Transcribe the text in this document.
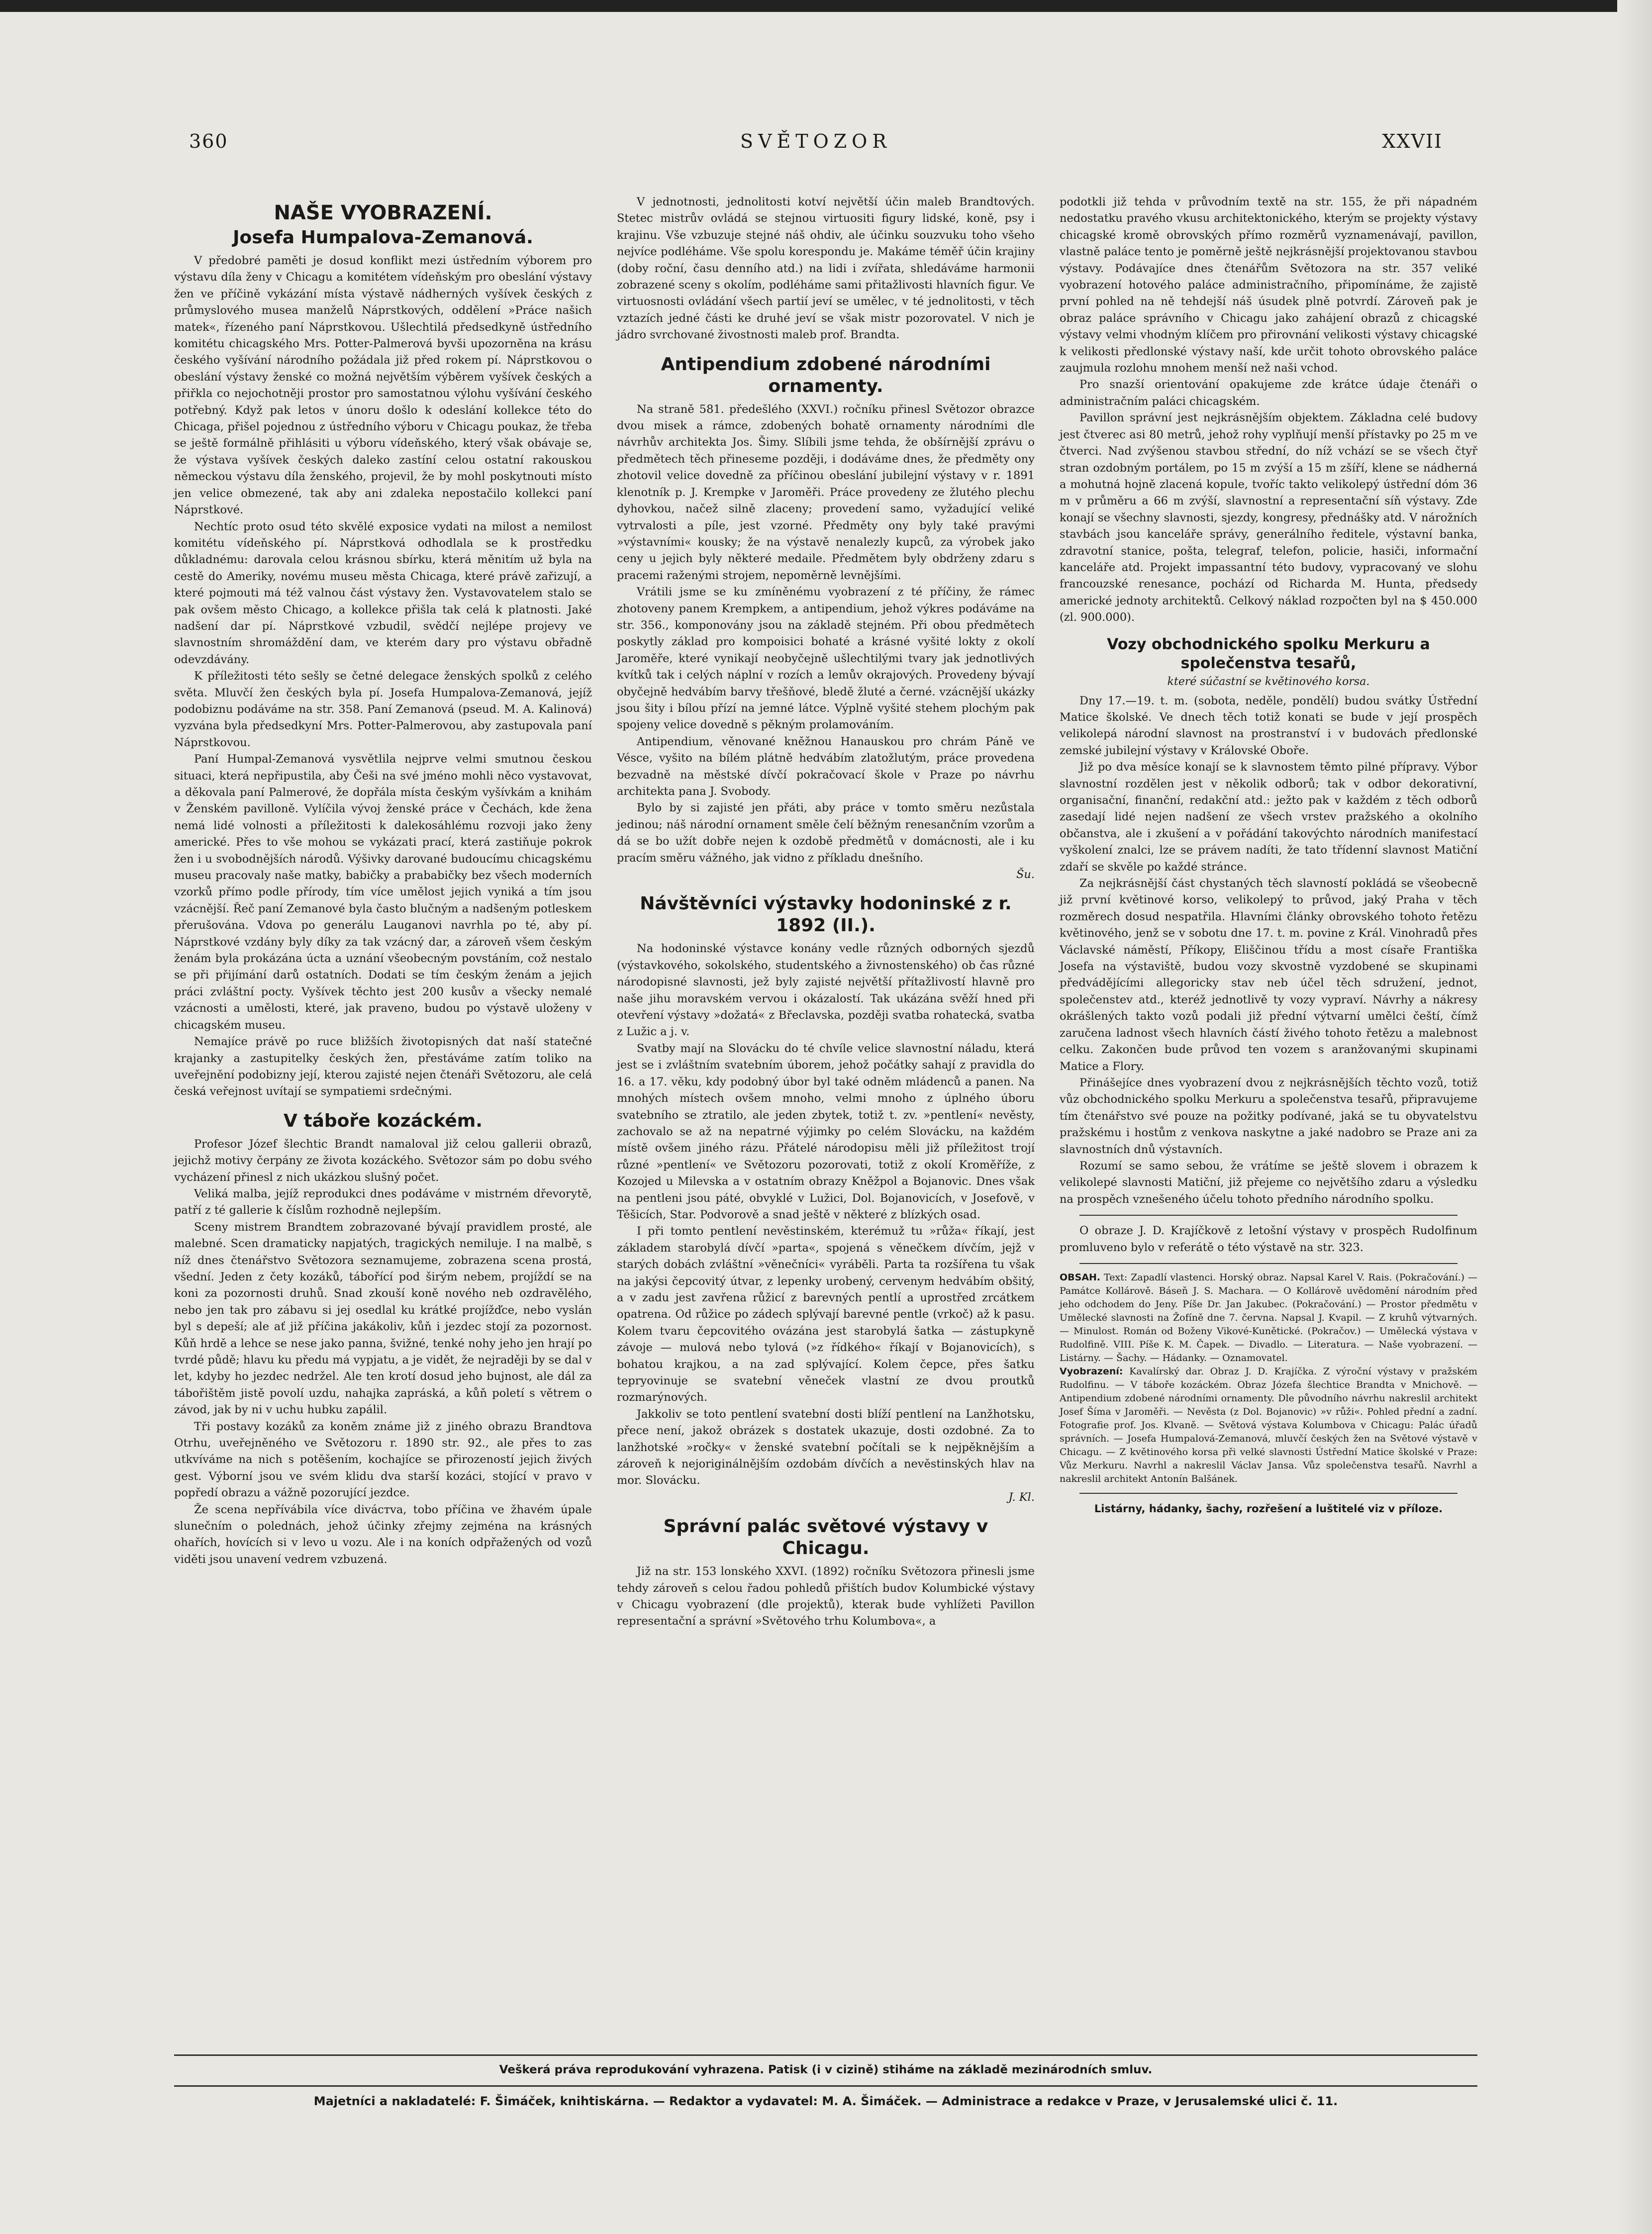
360	SVĚTOZOR	XXVII
NAŠE VYOBRAZENÍ.
Josefa Humpalova-Zemanová.

V předobré paměti je dosud konflikt mezi ústředním výborem pro výstavu díla ženy v Chicagu a komitétem vídeňským pro obeslání výstavy žen ve příčině vykázání místa výstavě nádherných vyšívek českých z průmyslového musea manželů Náprstkových, oddělení »Práce našich matek«, řízeného paní Náprstkovou. Ušlechtilá předsedkyně ústředního komitétu chicagského Mrs. Potter-Palmerová byvši upozorněna na krásu českého vyšívání národního požádala již před rokem pí. Náprstkovou o obeslání výstavy ženské co možná největším výběrem vyšívek českých a přiřkla co nejochotněji prostor pro samostatnou výlohu vyšívání českého potřebný. Když pak letos v únoru došlo k odeslání kollekce této do Chicaga, přišel pojednou z ústředního výboru v Chicagu poukaz, že třeba se ještě formálně přihlásiti u výboru vídeňského, který však obávaje se, že výstava vyšívek českých daleko zastíní celou ostatní rakouskou německou výstavu díla ženského, projevil, že by mohl poskytnouti místo jen velice obmezené, tak aby ani zdaleka nepostačilo kollekci paní Náprstkové.

Nechtíc proto osud této skvělé exposice vydati na milost a nemilost komitétu vídeňského pí. Náprstková odhodlala se k prostředku důkladnému: darovala celou krásnou sbírku, která měnitím už byla na cestě do Ameriky, novému museu města Chicaga, které právě zařizují, a které pojmouti má též valnou část výstavy žen. Vystavovatelem stalo se pak ovšem město Chicago, a kollekce přišla tak celá k platnosti. Jaké nadšení dar pí. Náprstkové vzbudil, svědčí nejlépe projevy ve slavnostním shromáždění dam, ve kterém dary pro výstavu obřadně odevzdávány.

K příležitosti této sešly se četné delegace ženských spolků z celého světa. Mluvčí žen českých byla pí. Josefa Humpalova-Zemanová, jejíž podobiznu podáváme na str. 358. Paní Zemanová (pseud. M. A. Kalinová) vyzvána byla předsedkyní Mrs. Potter-Palmerovou, aby zastupovala paní Náprstkovou.

Paní Humpal-Zemanová vysvětlila nejprve velmi smutnou českou situaci, která nepřipustila, aby Češi na své jméno mohli něco vystavovat, a děkovala paní Palmerové, že dopřála místa českým vyšívkám a knihám v Ženském pavilloně. Vylíčila vývoj ženské práce v Čechách, kde žena nemá lidé volnosti a příležitosti k dalekosáhlému rozvoji jako ženy americké. Přes to vše mohou se vykázati prací, která zastiňuje pokrok žen i u svobodnějších národů. Výšivky darované budoucímu chicagskému museu pracovaly naše matky, babičky a prababičky bez všech moderních vzorků přímo podle přírody, tím více umělost jejich vyniká a tím jsou vzácnější. Řeč paní Zemanové byla často blučným a nadšeným potleskem přerušována. Vdova po generálu Lauganovi navrhla po té, aby pí. Náprstkové vzdány byly díky za tak vzácný dar, a zároveň všem českým ženám byla prokázána úcta a uznání všeobecným povstáním, což nestalo se při přijímání darů ostatních. Dodati se tím českým ženám a jejich práci zvláštní pocty. Vyšívek těchto jest 200 kusův a všecky nemalé vzácnosti a umělosti, které, jak praveno, budou po výstavě uloženy v chicagském museu.

Nemajíce právě po ruce bližších životopisných dat naší statečné krajanky a zastupitelky českých žen, přestáváme zatím toliko na uveřejnění podobizny její, kterou zajisté nejen čtenáři Světozoru, ale celá česká veřejnost uvítají se sympatiemi srdečnými.

V táboře kozáckém.

Profesor Józef šlechtic Brandt namaloval již celou galleriі obrazů, jejichž motivy čerpány ze života kozáckého. Světozor sám po dobu svého vycházení přinesl z nich ukázkou slušný počet.

Veliká malba, jejíž reprodukci dnes podáváme v mistrném dřevorytě, patří z té gallerie k číslům rozhodně nejlepším.

Sceny mistrem Brandtem zobrazované bývají pravidlem prosté, ale malebné. Scen dramaticky napjatých, tragických nemiluje. I na malbě, s níž dnes čtenářstvo Světozora seznamujeme, zobrazena scena prostá, všední. Jeden z čety kozáků, tábořící pod širým nebem, projíždí se na koni za pozornosti druhů. Snad zkouší koně nového neb ozdravělého, nebo jen tak pro zábavu si jej osedlal ku krátké projížďce, nebo vyslán byl s depeší; ale ať již příčina jakákoliv, kůň i jezdec stojí za pozornost. Kůň hrdě a lehce se nese jako panna, švižné, tenké nohy jeho jen hrají po tvrdé půdě; hlavu ku předu má vypjatu, a je vidět, že nejraději by se dal v let, kdyby ho jezdec nedržel. Ale ten krotí dosud jeho bujnost, ale dál za tábořištěm jistě povolí uzdu, nahajka zapráská, a kůň poletí s větrem o závod, jak by ni v uchu hubku zapálil.

Tři postavy kozáků za koněm známe již z jiného obrazu Brandtova Otrhu, uveřejněného ve Světozoru r. 1890 str. 92., ale přes to zas utkvíváme na nich s potěšením, kochajíce se přirozeností jejich živých gest. Výborní jsou ve svém klidu dva starší kozáci, stojící v pravo v popředí obrazu a vážně pozorující jezdce.

Že scena nepřívábila více divácтva, tobo příčina ve žhavém úpale slunečním o polednách, jehož účinky zřejmy zejména na krásných ohařích, hovících si v levo u vozu. Ale i na koních odpřažených od vozů viděti jsou unavení vedrem vzbuzená.

V jednotnosti, jednolitosti kotví největší účin maleb Brandtových. Stetec mistrův ovládá se stejnou virtuositi figury lidské, koně, psy i krajinu. Vše vzbuzuje stejné náš ohdiv, ale účinku souzvuku toho všeho nejvíce podléháme. Vše spolu korespondu je. Makáme téměř účin krajiny (doby roční, času denního atd.) na lidi i zvířata, shledáváme harmonii zobrazené sceny s okolím, podléháme sami přitažlivosti hlavních figur. Ve virtuosnosti ovládání všech partií jeví se umělec, v té jednolitosti, v těch vztazích jedné části ke druhé jeví se však mistr pozorovatel. V nich je jádro svrchované živostnosti maleb prof. Brandta.

Antipendium zdobené národními ornamenty.

Na straně 581. předešlého (XXVI.) ročníku přinesl Světozor obrazce dvou misek a rámce, zdobených bohatě ornamenty národními dle návrhův architekta Jos. Šimy. Slíbili jsme tehda, že obšírnější zprávu o předmětech těch přineseme později, i dodáváme dnes, že předměty ony zhotovil velice dovedně za příčinou obeslání jubilejní výstavy v r. 1891 klenotník p. J. Krempke v Jaroměři. Práce provedeny ze žlutého plechu dyhovkou, načež silně zlaceny; provedení samo, vyžadující veliké vytrvalosti a píle, jest vzorné. Předměty ony byly také pravými »výstavními« kousky; že na výstavě nenalezly kupců, za výrobek jako ceny u jejich byly některé medaile. Předmětem byly obdrženy zdaru s pracemi raženými strojem, nepoměrně levnějšími.

Vrátili jsme se ku zmíněnému vyobrazení z té příčiny, že rámec zhotoveny panem Krempkem, a antipendium, jehož výkres podáváme na str. 356., komponovány jsou na základě stejném. Při obou předmětech poskytly základ pro kompoisici bohaté a krásné vyšité lokty z okolí Jaroměře, které vynikají neobyčejně ušlechtilými tvary jak jednotlivých kvítků tak i celých náplní v rozích a lemův okrajových. Provedeny bývají obyčejně hedvábím barvy třešňové, bledě žluté a černé. vzácnější ukázky jsou šity i bílou přízí na jemné látce. Výplně vyšité stehem plochým pak spojeny velice dovedně s pěkným prolamováním.

Antipendium, věnované kněžnou Hanauskou pro chrám Páně ve Vésce, vyšito na bílém plátně hedvábím zlatožlutým, práce provedena bezvadně na městské dívčí pokračovací škole v Praze po návrhu architekta pana J. Svobody.

Bylo by si zajisté jen přáti, aby práce v tomto směru nezůstala jedinou; náš národní ornament směle čelí běžným renesančním vzorům a dá se bo užít dobře nejen k ozdobě předmětů v domácnosti, ale i ku pracím směru vážného, jak vidno z příkladu dnešního.

Šu.

Návštěvníci výstavky hodoninské z r. 1892 (II.).

Na hodoninské výstavce konány vedle různých odborných sjezdů (výstavkového, sokolského, studentského a živnostenského) ob čas různé národopisné slavnosti, jež byly zajisté největší přítažlivostí hlavně pro naše jihu moravském vervou i okázalostí. Tak ukázána svěží hned při otevření výstavy »dožatá« z Břeclavska, později svatba rohatecká, svatba z Lužic a j. v.

Svatby mají na Slovácku do té chvíle velice slavnostní náladu, která jest se i zvláštním svatebním úborem, jehož počátky sahají z pravidla do 16. a 17. věku, kdy podobný úbor byl také odněm mládenců a panen. Na mnohých místech ovšem mnoho, velmi mnoho z úplného úboru svatebního se ztratilo, ale jeden zbytek, totiž t. zv. »pentlení« nevěsty, zachovalo se až na nepatrné výjimky po celém Slovácku, na každém místě ovšem jiného rázu. Přátelé národopisu měli již příležitost trojí různé »pentlení« ve Světozoru pozorovati, totiž z okolí Kroměříže, z Kozojed u Milevska a v ostatním obrazy Kněžpol a Bojanovic. Dnes však na pentleni jsou páté, obvyklé v Lužici, Dol. Bojanovicích, v Josefově, v Těšicích, Star. Podvorově a snad ještě v některé z blízkých osad.

I při tomto pentlení nevěstinském, kterémuž tu »růža« říkají, jest základem starobylá dívčí »parta«, spojená s věnečkem dívčím, jejž v starých dobách zvláštní »věnečníci« vyráběli. Parta ta rozšířena tu však na jakýsi čepcovitý útvar, z lepenky urobený, cervenym hedvábím obšitý, a v zadu jest zavřena růžicí z barevných pentlí a uprostřed zrcátkem opatrena. Od růžice po zádech splývají barevné pentle (vrkoč) až k pasu. Kolem tvaru čepcovitého ovázána jest starobylá šatka — zástupkyně závoje — mulová nebo tylová (»z řídkého« říkají v Bojanovicích), s bohatou krajkou, a na zad splývající. Kolem čepce, přes šatku tepryovinuje se svatební věneček vlastní ze dvou proutků rozmarýnových.

Jakkoliv se toto pentlení svatební dosti blíží pentlení na Lanžhotsku, přece není, jakož obrázek s dostatek ukazuje, dosti ozdobné. Za to lanžhotské »ročky« v ženské svatební počítali se k nejpěknějším a zároveň k nejoriginálnějším ozdobám dívčích a nevěstinských hlav na mor. Slovácku.

J. Kl.

Správní palác světové výstavy v Chicagu.

Již na str. 153 lonského XXVI. (1892) ročníku Světozora přinesli jsme tehdy zároveň s celou řadou pohledů přištích budov Kolumbické výstavy v Chicagu vyobrazení (dle projektů), kterak bude vyhlížeti Pavillon representační a správní »Světového trhu Kolumbova«, a

podotkli již tehda v průvodním textě na str. 155, že při nápadném nedostatku pravého vkusu architektonického, kterým se projekty výstavy chicagské kromě obrovských přímo rozměrů vyznamenávají, pavillon, vlastně paláce tento je poměrně ještě nejkrásnější projektovanou stavbou výstavy. Podávajíce dnes čtenářům Světozora na str. 357 veliké vyobrazení hotového paláce administračního, připomínáme, že zajistě první pohled na ně tehdejší náš úsudek plně potvrdí. Zároveň pak je obraz paláce správního v Chicagu jako zahájení obrazů z chicagské výstavy velmi vhodným klíčem pro přirovnání velikosti výstavy chicagské k velikosti předlonské výstavy naší, kde určit tohoto obrovského paláce zaujmula rozlohu mnohem menší než naši vchod.

Pro snazší orientování opakujeme zde krátce údaje čtenáři o administračním paláci chicagském.

Pavillon správní jest nejkrásnějším objektem. Základna celé budovy jest čtverec asi 80 metrů, jehož rohy vyplňují menší přístavky po 25 m ve čtverci. Nad zvýšenou stavbou střední, do níž vchází se se všech čtyř stran ozdobným portálem, po 15 m zvýší a 15 m zšíří, klene se nádherná a mohutná hojně zlacená kopule, tvoříc takto velikolepý ústřední dóm 36 m v průměru a 66 m zvýší, slavnostní a representační síň výstavy. Zde konají se všechny slavnosti, sjezdy, kongresy, přednášky atd. V nárožních stavbách jsou kanceláře správy, generálního ředitele, výstavní banka, zdravotní stanice, pošta, telegraf, telefon, policie, hasiči, informační kanceláře atd. Projekt impassantní této budovy, vypracovaný ve slohu francouzské renesance, pochází od Richarda M. Hunta, předsedy americké jednoty architektů. Celkový náklad rozpočten byl na $ 450.000 (zl. 900.000).

Vozy obchodnického spolku Merkuru a společenstva tesařů,
které súčastní se květinového korsa.

Dny 17.—19. t. m. (sobota, neděle, pondělí) budou svátky Ústřední Matice školské. Ve dnech těch totiž konati se bude v její prospěch velikolepá národní slavnost na prostranství i v budovách předlonské zemské jubilejní výstavy v Královské Oboře.

Již po dva měsíce konají se k slavnostem těmto pilné přípravy. Výbor slavnostní rozdělen jest v několik odborů; tak v odbor dekorativní, organisační, finanční, redakční atd.: ježto pak v každém z těch odborů zasedají lidé nejen nadšení ze všech vrstev pražského a okolního občanstva, ale i zkušení a v pořádání takovýchto národních manifestací vyškolení znalci, lze se právem nadíti, že tato třídenní slavnost Matiční zdaří se skvěle po každé stránce.

Za nejkrásnější část chystaných těch slavností pokládá se všeobecně již první květinové korso, velikolepý to průvod, jaký Praha v těch rozměrech dosud nespatřila. Hlavními články obrovského tohoto řetězu květinového, jenž se v sobotu dne 17. t. m. povine z Král. Vinohradů přes Václavské náměstí, Příkopy, Eliščinou třídu a most císaře Františka Josefa na výstaviště, budou vozy skvostně vyzdobené se skupinami předvádějícími allegoricky stav neb účel těch sdružení, jednot, společenstev atd., kteréž jednotlivě ty vozy vypraví. Návrhy a nákresy okrášlených takto vozů podali již přední výtvarní umělci čeští, čímž zaručena ladnost všech hlavních částí živého tohoto řetězu a malebnost celku. Zakončen bude průvod ten vozem s aranžovanými skupinami Matice a Flory.

Přinášejíce dnes vyobrazení dvou z nejkrásnějších těchto vozů, totiž vůz obchodnického spolku Merkuru a společenstva tesařů, připravujeme tím čtenářstvo své pouze na požitky podívané, jaká se tu obyvatelstvu pražskému i hostům z venkova naskytne a jaké nadobro se Praze ani za slavnostních dnů výstavních.

Rozumí se samo sebou, že vrátíme se ještě slovem i obrazem k velikolepé slavnosti Matiční, již přejeme co největšího zdaru a výsledku na prospěch vznešeného účelu tohoto předního národního spolku.

O obraze J. D. Krajíčkově z letošní výstavy v prospěch Rudolfinum promluveno bylo v referátě o této výstavě na str. 323.

OBSAH. Text: Zapadlí vlastenci. Horský obraz. Napsal Karel V. Rais. (Pokračování.) — Památce Kollárově. Báseň J. S. Machara. — O Kollárově uvědomění národním před jeho odchodem do Jeny. Píše Dr. Jan Jakubec. (Pokračování.) — Prostor předmětu v Umělecké slavnosti na Žofíně dne 7. června. Napsal J. Kvapil. — Z kruhů výtvarných. — Minulost. Román od Boženy Vikové-Kunětické. (Pokračov.) — Umělecká výstava v Rudolfině. VIII. Píše K. M. Čapek. — Divadlo. — Literatura. — Naše vyobrazení. — Listárny. — Šachy. — Hádanky. — Oznamovatel.
Vyobrazení: Kavalírský dar. Obraz J. D. Krajíčka. Z výroční výstavy v pražském Rudolfinu. — V táboře kozáckém. Obraz Józefa šlechtice Brandta v Mnichově. — Antipendium zdobené národními ornamenty. Dle původního návrhu nakreslil architekt Josef Šíma v Jaroměři. — Nevěsta (z Dol. Bojanovic) »v růži«. Pohled přední a zadní. Fotografie prof. Jos. Klvaně. — Světová výstava Kolumbova v Chicagu: Palác úřadů správních. — Josefa Humpalová-Zemanová, mluvčí českých žen na Světové výstavě v Chicagu. — Z květinového korsa při velké slavnosti Ústřední Matice školské v Praze: Vůz Merkuru. Navrhl a nakreslil Václav Jansa. Vůz společenstva tesařů. Navrhl a nakreslil architekt Antonín Balšánek.

Listárny, hádanky, šachy, rozřešení a luštitelé viz v příloze.

Veškerá práva reprodukování vyhrazena. Patisk (i v cizině) stiháme na základě mezinárodních smluv.
Majetníci a nakladatelé: F. Šimáček, knihtiskárna. — Redaktor a vydavatel: M. A. Šimáček. — Administrace a redakce v Praze, v Jerusalemské ulici č. 11.
